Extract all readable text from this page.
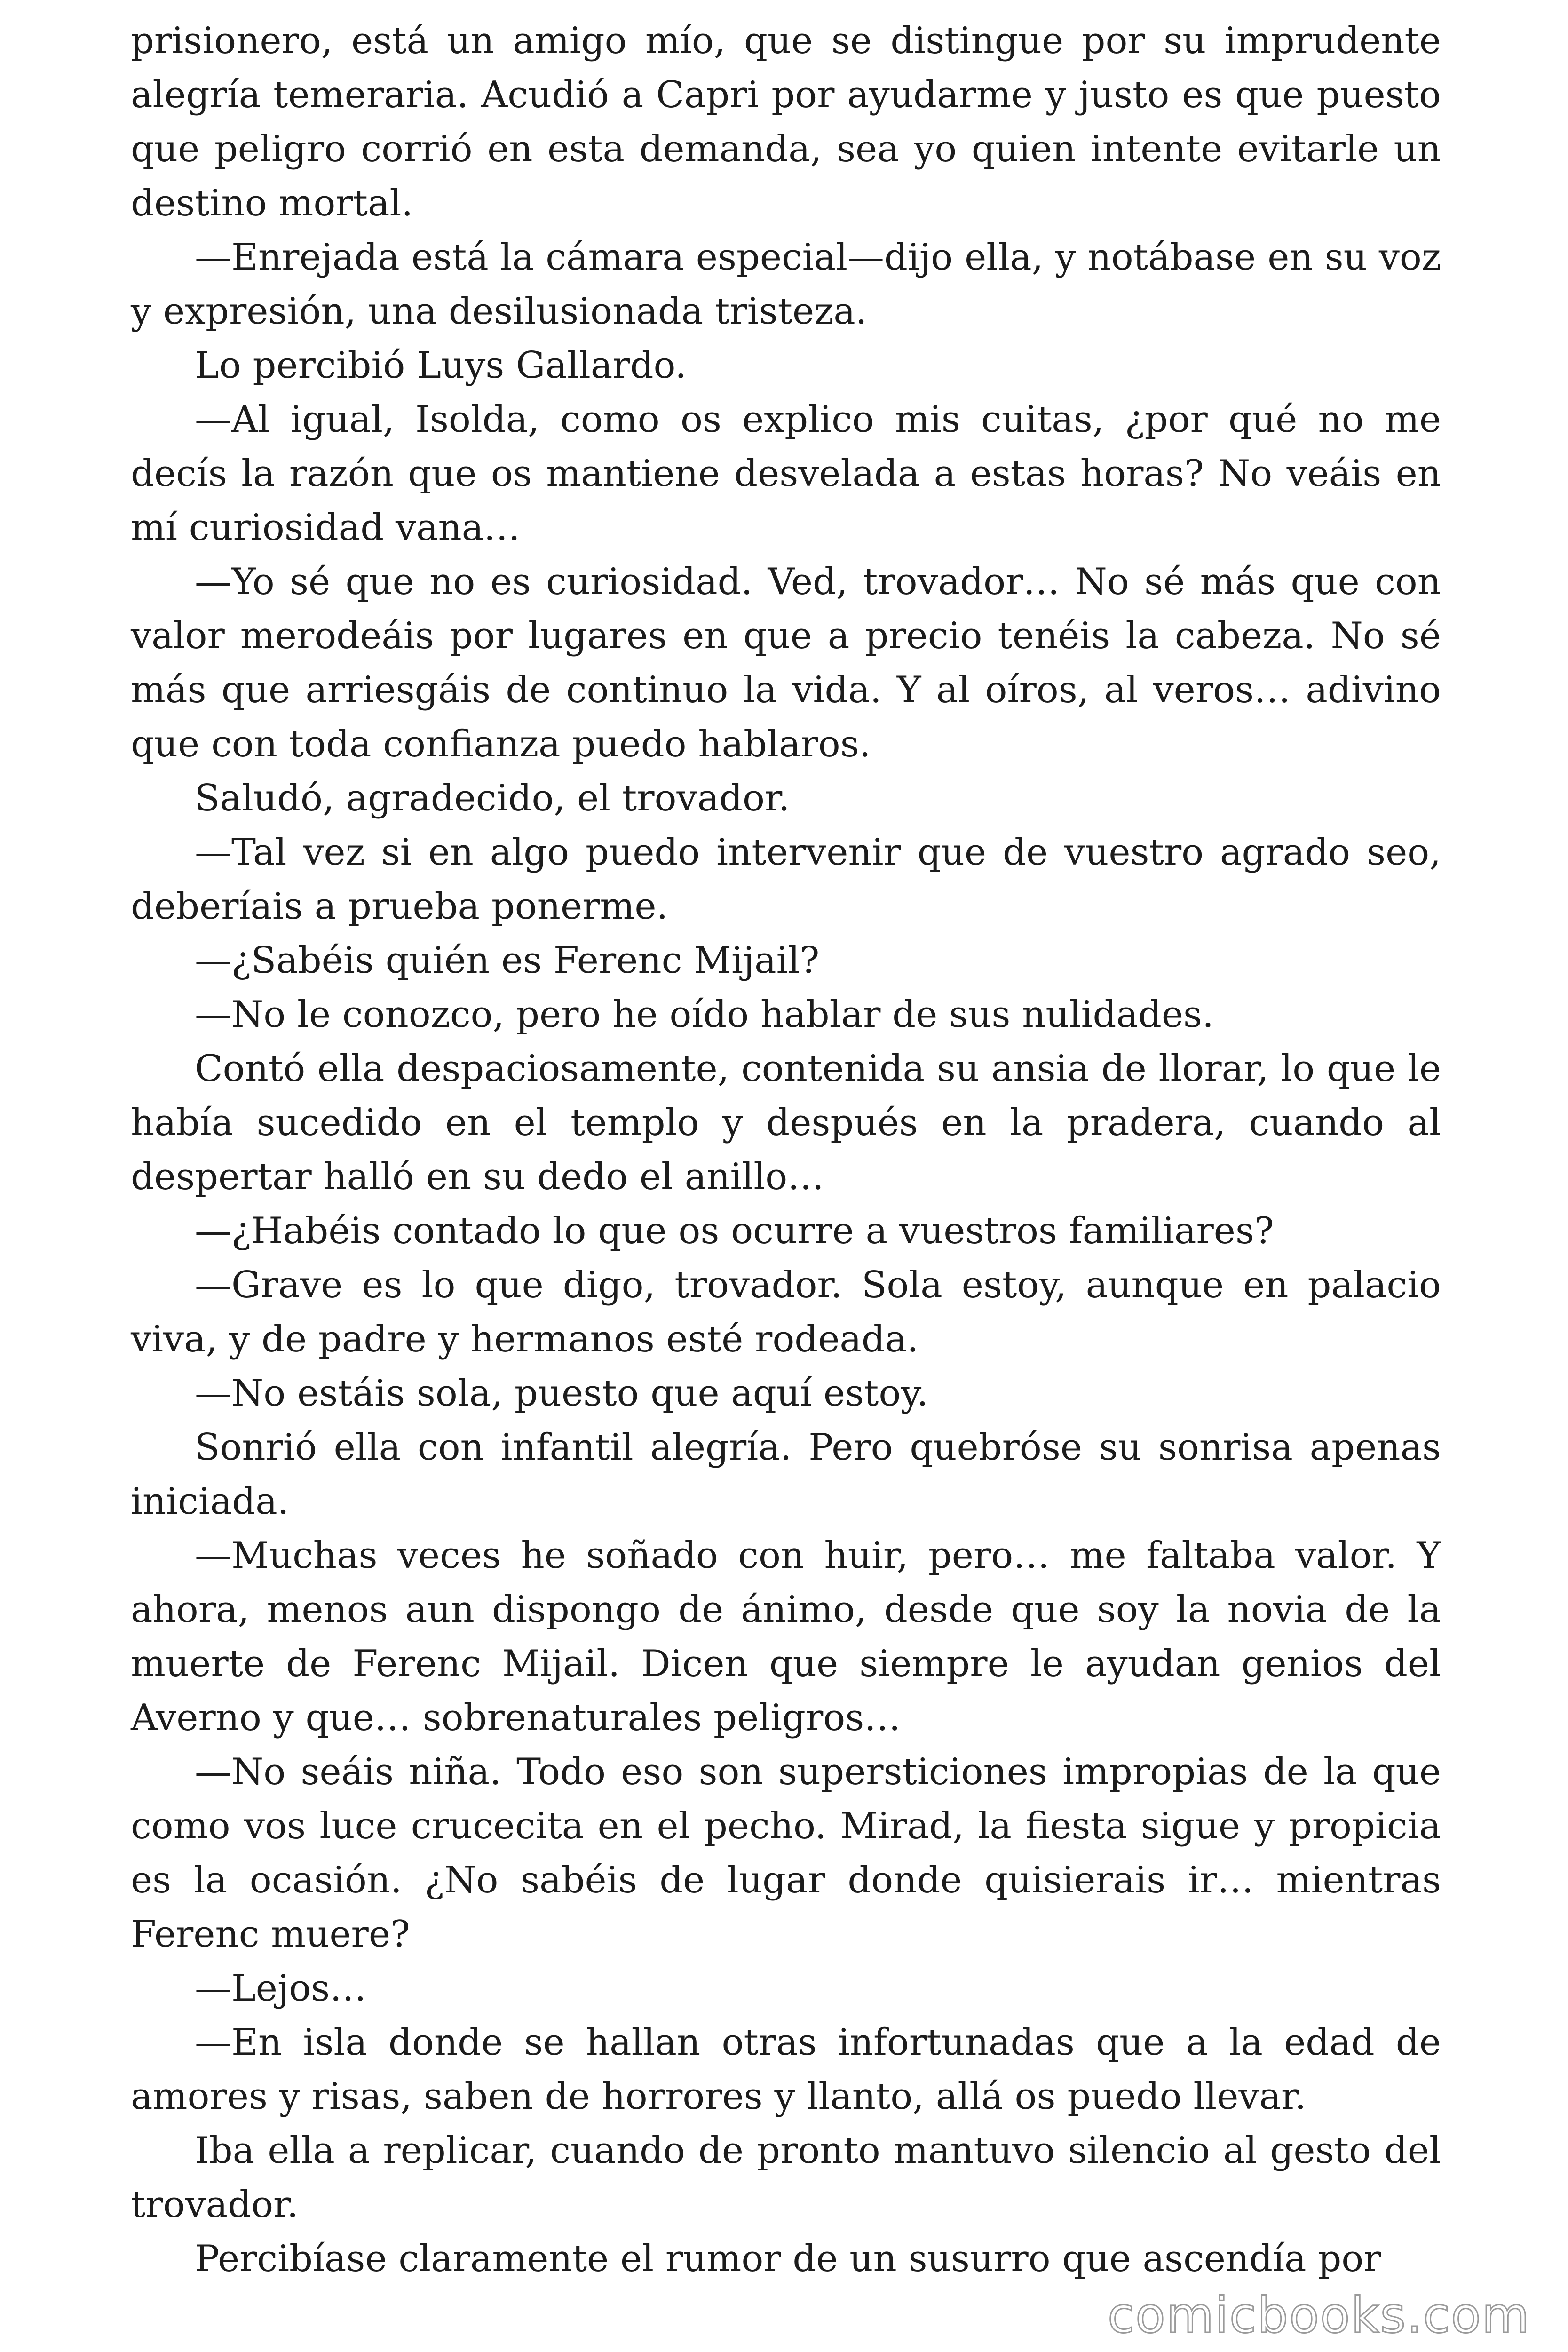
prisionero, está un amigo mío, que se distingue por su imprudente alegría temeraria. Acudió a Capri por ayudarme y justo es que puesto que peligro corrió en esta demanda, sea yo quien intente evitarle un destino mortal.

—Enrejada está la cámara especial—dijo ella, y notábase en su voz y expresión, una desilusionada tristeza.

Lo percibió Luys Gallardo.

—Al igual, Isolda, como os explico mis cuitas, ¿por qué no me decís la razón que os mantiene desvelada a estas horas? No veáis en mí curiosidad vana…

—Yo sé que no es curiosidad. Ved, trovador… No sé más que con valor merodeáis por lugares en que a precio tenéis la cabeza. No sé más que arriesgáis de continuo la vida. Y al oíros, al veros… adivino que con toda confianza puedo hablaros.

Saludó, agradecido, el trovador.

—Tal vez si en algo puedo intervenir que de vuestro agrado seo, deberíais a prueba ponerme.

—¿Sabéis quién es Ferenc Mijail?

—No le conozco, pero he oído hablar de sus nulidades.

Contó ella despaciosamente, contenida su ansia de llorar, lo que le había sucedido en el templo y después en la pradera, cuando al despertar halló en su dedo el anillo…

—¿Habéis contado lo que os ocurre a vuestros familiares?

—Grave es lo que digo, trovador. Sola estoy, aunque en palacio viva, y de padre y hermanos esté rodeada.

—No estáis sola, puesto que aquí estoy.

Sonrió ella con infantil alegría. Pero quebróse su sonrisa apenas iniciada.

—Muchas veces he soñado con huir, pero… me faltaba valor. Y ahora, menos aun dispongo de ánimo, desde que soy la novia de la muerte de Ferenc Mijail. Dicen que siempre le ayudan genios del Averno y que… sobrenaturales peligros…

—No seáis niña. Todo eso son supersticiones impropias de la que como vos luce crucecita en el pecho. Mirad, la fiesta sigue y propicia es la ocasión. ¿No sabéis de lugar donde quisierais ir… mientras Ferenc muere?

—Lejos…

—En isla donde se hallan otras infortunadas que a la edad de amores y risas, saben de horrores y llanto, allá os puedo llevar.

Iba ella a replicar, cuando de pronto mantuvo silencio al gesto del trovador.

Percibíase claramente el rumor de un susurro que ascendía por

comicbooks.com
